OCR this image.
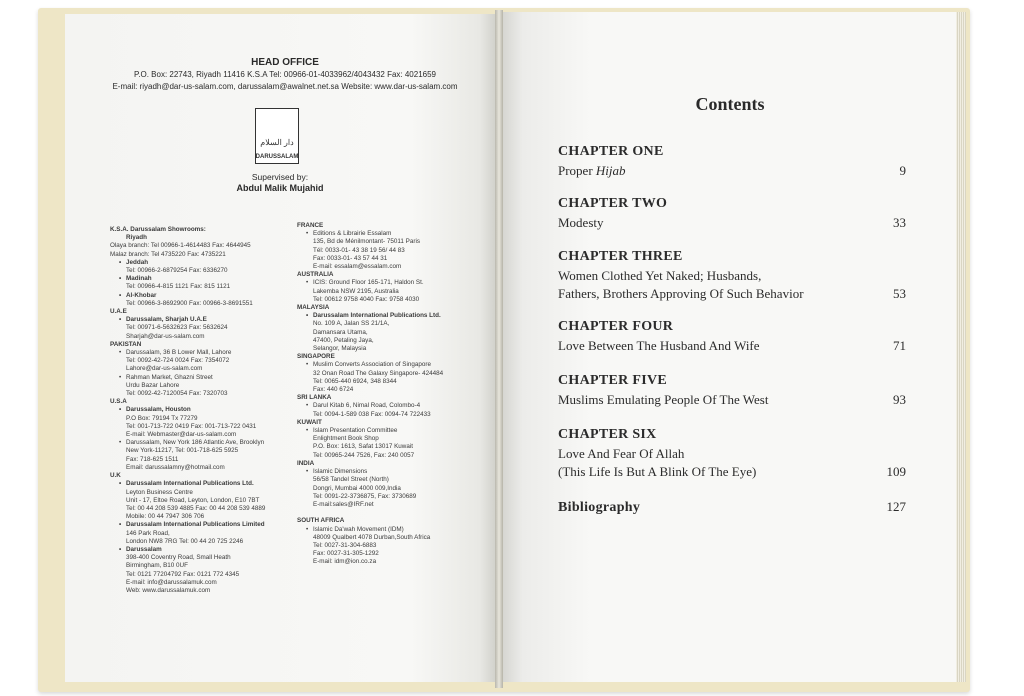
HEAD OFFICE
P.O. Box: 22743, Riyadh 11416 K.S.A Tel: 00966-01-4033962/4043432 Fax: 4021659
E-mail: riyadh@dar-us-salam.com, darussalam@awalnet.net.sa Website: www.dar-us-salam.com
دار السلام
DARUSSALAM
Supervised by:
Abdul Malik Mujahid
K.S.A. Darussalam Showrooms:
Riyadh
Olaya branch: Tel 00966-1-4614483 Fax: 4644945
Malaz branch: Tel 4735220 Fax: 4735221
• Jeddah
Tel: 00966-2-6879254 Fax: 6336270
• Madinah
Tel: 00966-4-815 1121 Fax: 815 1121
• Al-Khobar
Tel: 00966-3-8692900 Fax: 00966-3-8691551
U.A.E
• Darussalam, Sharjah U.A.E
Tel: 00971-6-5632623 Fax: 5632624
Sharjah@dar-us-salam.com
PAKISTAN
• Darussalam, 36 B Lower Mall, Lahore
Tel: 0092-42-724 0024 Fax: 7354072
Lahore@dar-us-salam.com
• Rahman Market, Ghazni Street
Urdu Bazar Lahore
Tel: 0092-42-7120054 Fax: 7320703
U.S.A
• Darussalam, Houston
P.O Box: 79194 Tx 77279
Tel: 001-713-722 0419 Fax: 001-713-722 0431
E-mail: Webmaster@dar-us-salam.com
• Darussalam, New York 186 Atlantic Ave, Brooklyn
New York-11217, Tel: 001-718-625 5925
Fax: 718-625 1511
Email: darussalamny@hotmail.com
U.K
• Darussalam International Publications Ltd.
Leyton Business Centre
Unit - 17, Eltoe Road, Leyton, London, E10 7BT
Tel: 00 44 208 539 4885 Fax: 00 44 208 539 4889
Mobile: 00 44 7947 306 706
• Darussalam International Publications Limited
146 Park Road,
London NW8 7RG Tel: 00 44 20 725 2246
• Darussalam
398-400 Coventry Road, Small Heath
Birmingham, B10 0UF
Tel: 0121 77204792 Fax: 0121 772 4345
E-mail: info@darussalamuk.com
Web: www.darussalamuk.com
FRANCE
• Editions & Librairie Essalam
135, Bd de Ménilmontant- 75011 Paris
Tél: 0033-01- 43 38 19 56/ 44 83
Fax: 0033-01- 43 57 44 31
E-mail: essalam@essalam.com
AUSTRALIA
• ICIS: Ground Floor 165-171, Haldon St.
Lakemba NSW 2195, Australia
Tel: 00612 9758 4040 Fax: 9758 4030
MALAYSIA
• Darussalam International Publications Ltd.
No. 109 A, Jalan SS 21/1A,
Damansara Utama,
47400, Petaling Jaya,
Selangor, Malaysia
SINGAPORE
• Muslim Converts Association of Singapore
32 Onan Road The Galaxy Singapore- 424484
Tel: 0065-440 6924, 348 8344
Fax: 440 6724
SRI LANKA
• Darul Kitab 6, Nimal Road, Colombo-4
Tel: 0094-1-589 038 Fax: 0094-74 722433
KUWAIT
• Islam Presentation Committee
Enlightment Book Shop
P.O. Box: 1613, Safat 13017 Kuwait
Tel: 00965-244 7526, Fax: 240 0057
INDIA
• Islamic Dimensions
56/58 Tandel Street (North)
Dongri, Mumbai 4000 009,India
Tel: 0091-22-3736875, Fax: 3730689
E-mail:sales@IRF.net

SOUTH AFRICA
• Islamic Da'wah Movement (IDM)
48009 Qualbert 4078 Durban,South Africa
Tel: 0027-31-304-6883
Fax: 0027-31-305-1292
E-mail: idm@ion.co.za
Contents
CHAPTER ONE
Proper Hijab	9
CHAPTER TWO
Modesty	33
CHAPTER THREE
Women Clothed Yet Naked; Husbands,
Fathers, Brothers Approving Of Such Behavior	53
CHAPTER FOUR
Love Between The Husband And Wife	71
CHAPTER FIVE
Muslims Emulating People Of The West	93
CHAPTER SIX
Love And Fear Of Allah
(This Life Is But A Blink Of The Eye)	109
Bibliography	127
